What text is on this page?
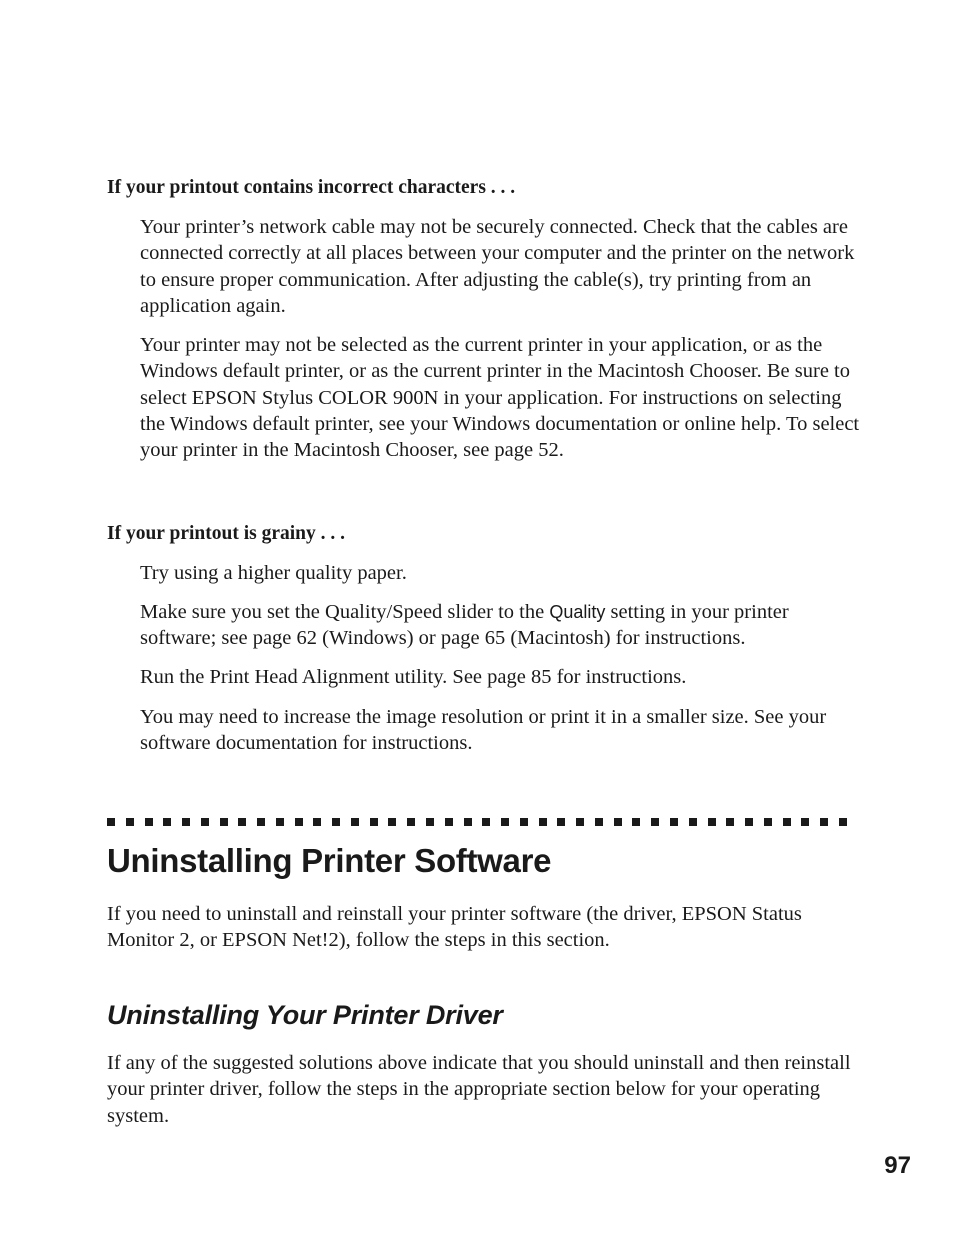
If your printout contains incorrect characters . . .

Your printer’s network cable may not be securely connected. Check that the cables are connected correctly at all places between your computer and the printer on the network to ensure proper communication. After adjusting the cable(s), try printing from an application again.

Your printer may not be selected as the current printer in your application, or as the Windows default printer, or as the current printer in the Macintosh Chooser. Be sure to select EPSON Stylus COLOR 900N in your application. For instructions on selecting the Windows default printer, see your Windows documentation or online help. To select your printer in the Macintosh Chooser, see page 52.

If your printout is grainy . . .

Try using a higher quality paper.

Make sure you set the Quality/Speed slider to the Quality setting in your printer software; see page 62 (Windows) or page 65 (Macintosh) for instructions.

Run the Print Head Alignment utility. See page 85 for instructions.

You may need to increase the image resolution or print it in a smaller size. See your software documentation for instructions.

Uninstalling Printer Software

If you need to uninstall and reinstall your printer software (the driver, EPSON Status Monitor 2, or EPSON Net!2), follow the steps in this section.

Uninstalling Your Printer Driver

If any of the suggested solutions above indicate that you should uninstall and then reinstall your printer driver, follow the steps in the appropriate section below for your operating system.

97
